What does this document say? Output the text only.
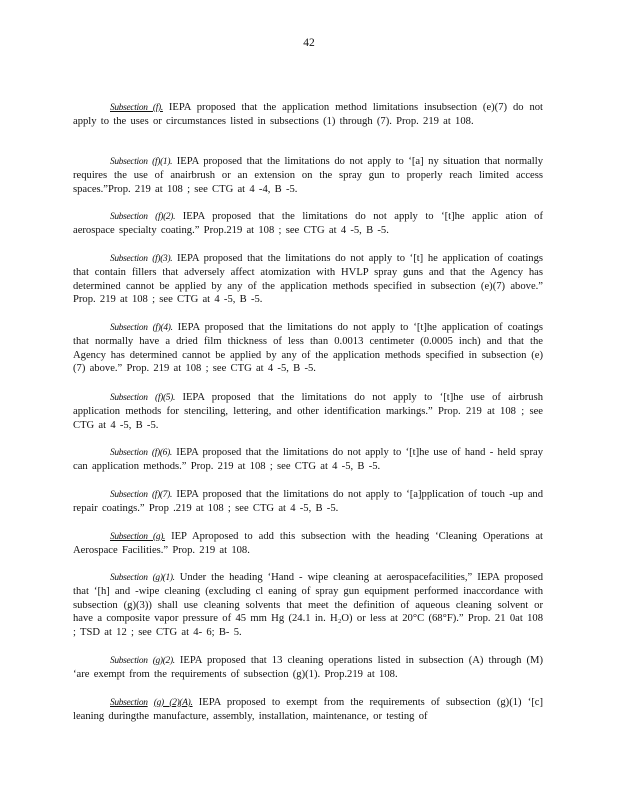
42

Subsection (f). IEPA proposed that the application method limitations insubsection (e)(7) do not apply to the uses or circumstances listed in subsections (1) through (7). Prop. 219 at 108.

Subsection (f)(1). IEPA proposed that the limitations do not apply to ‘[a] ny situation that normally requires the use of anairbrush or an extension on the spray gun to properly reach limited access spaces.”Prop. 219 at 108 ; see CTG at 4 -4, B -5.

Subsection (f)(2). IEPA proposed that the limitations do not apply to ‘[t]he applic ation of aerospace specialty coating.” Prop.219 at 108 ; see CTG at 4 -5, B -5.

Subsection (f)(3). IEPA proposed that the limitations do not apply to ‘[t] he application of coatings that contain fillers that adversely affect atomization with HVLP spray guns and that the Agency has determined cannot be applied by any of the application methods specified in subsection (e)(7) above.” Prop. 219 at 108 ; see CTG at 4 -5, B -5.

Subsection (f)(4). IEPA proposed that the limitations do not apply to ‘[t]he application of coatings that normally have a dried film thickness of less than 0.0013 centimeter (0.0005 inch) and that the Agency has determined cannot be applied by any of the application methods specified in subsection (e)(7) above.” Prop. 219 at 108 ; see CTG at 4 -5, B -5.

Subsection (f)(5). IEPA proposed that the limitations do not apply to ‘[t]he use of airbrush application methods for stenciling, lettering, and other identification markings.” Prop. 219 at 108 ; see CTG at 4 -5, B -5.

Subsection (f)(6). IEPA proposed that the limitations do not apply to ‘[t]he use of hand - held spray can application methods.” Prop. 219 at 108 ; see CTG at 4 -5, B -5.

Subsection (f)(7). IEPA proposed that the limitations do not apply to ‘[a]pplication of touch -up and repair coatings.” Prop .219 at 108 ; see CTG at 4 -5, B -5.

Subsection (g). IEP Aproposed to add this subsection with the heading ‘Cleaning Operations at Aerospace Facilities.” Prop. 219 at 108.

Subsection (g)(1). Under the heading ‘Hand - wipe cleaning at aerospacefacilities,” IEPA proposed that ‘[h] and -wipe cleaning (excluding cl eaning of spray gun equipment performed inaccordance with subsection (g)(3)) shall use cleaning solvents that meet the definition of aqueous cleaning solvent or have a composite vapor pressure of 45 mm Hg (24.1 in. H₂O) or less at 20°C (68°F).” Prop. 21 0at 108 ; TSD at 12 ; see CTG at 4- 6; B- 5.

Subsection (g)(2). IEPA proposed that 13 cleaning operations listed in subsection (A) through (M) ‘are exempt from the requirements of subsection (g)(1). Prop.219 at 108.

Subsection (g) (2)(A). IEPA proposed to exempt from the requirements of subsection (g)(1) ‘[c] leaning duringthe manufacture, assembly, installation, maintenance, or testing of
